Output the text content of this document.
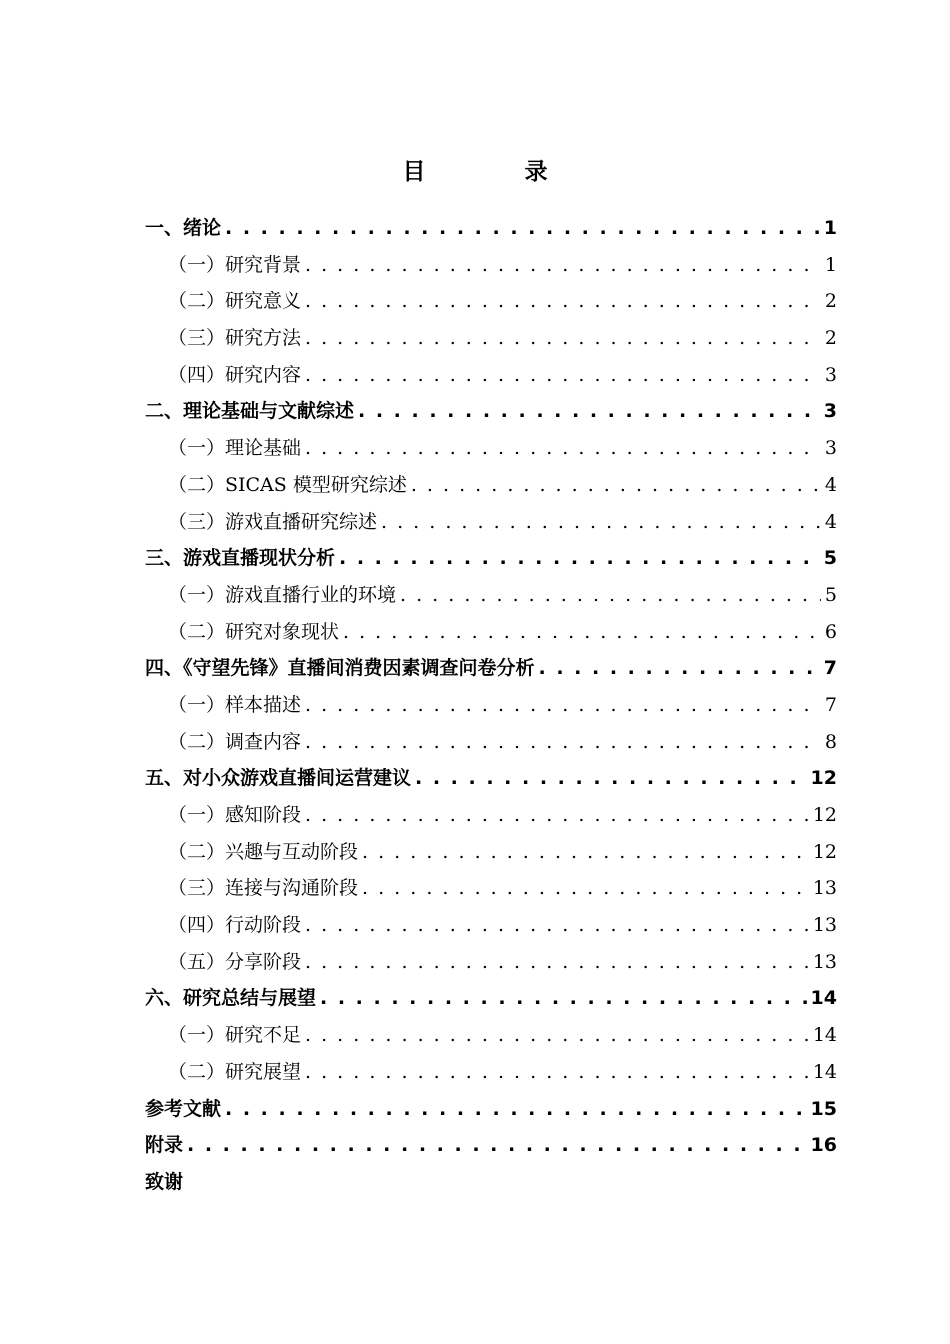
目　录
一、绪论 . . .	1
（一）研究背景 . . .	1
（二）研究意义 . . .	2
（三）研究方法 . . .	2
（四）研究内容 . . .	3
二、理论基础与文献综述 . . .	3
（一）理论基础 . . .	3
（二）SICAS 模型研究综述 . . .	4
（三）游戏直播研究综述 . . .	4
三、游戏直播现状分析 . . .	5
（一）游戏直播行业的环境 . . .	5
（二）研究对象现状 . . .	6
四、《守望先锋》直播间消费因素调查问卷分析 . . .	7
（一）样本描述 . . .	7
（二）调查内容 . . .	8
五、对小众游戏直播间运营建议 . . .	12
（一）感知阶段 . . .	12
（二）兴趣与互动阶段 . . .	12
（三）连接与沟通阶段 . . .	13
（四）行动阶段 . . .	13
（五）分享阶段 . . .	13
六、研究总结与展望 . . .	14
（一）研究不足 . . .	14
（二）研究展望 . . .	14
参考文献 . . .	15
附录 . . .	16
致谢
